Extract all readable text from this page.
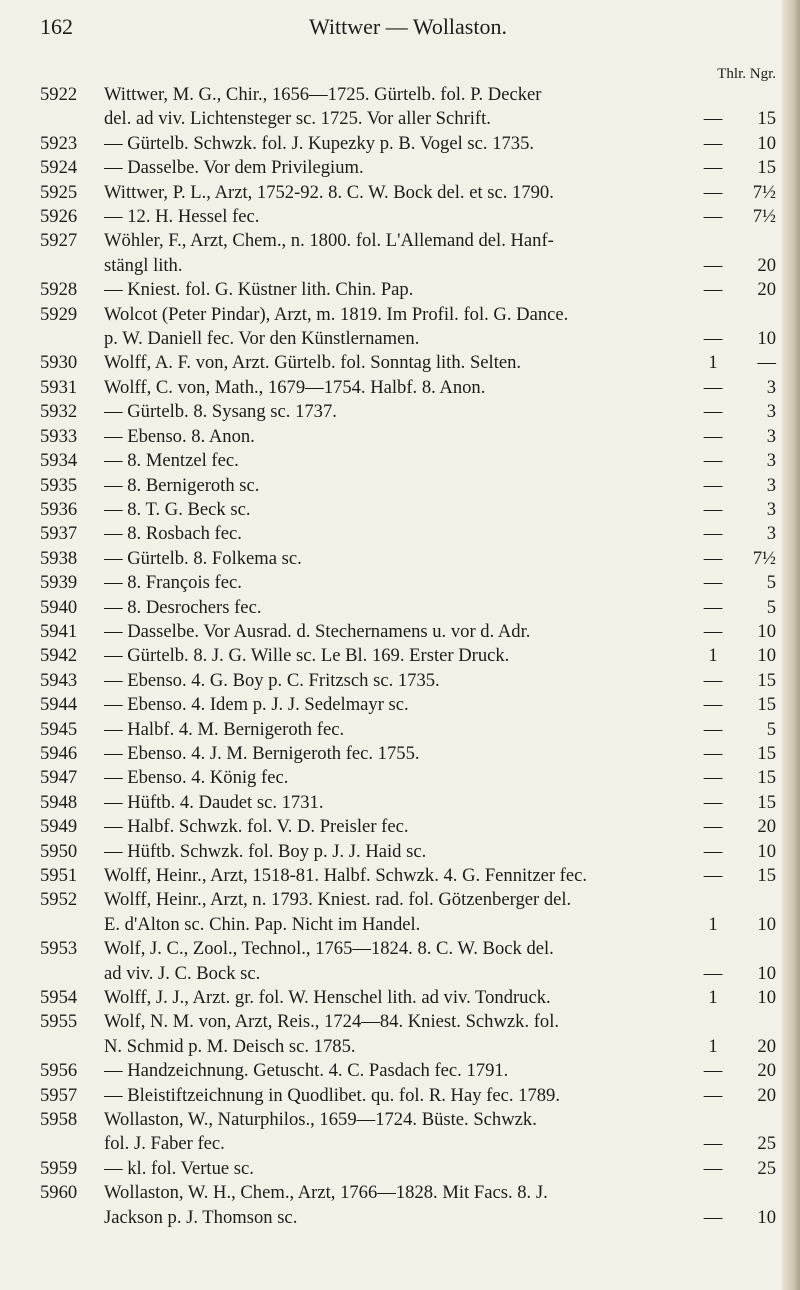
Wittwer — Wollaston.
162
Thlr. Ngr.
5922	Wittwer, M. G., Chir., 1656—1725. Gürtelb. fol. P. Decker
del. ad viv. Lichtensteger sc. 1725. Vor aller Schrift.	—	15
5923	— Gürtelb. Schwzk. fol. J. Kupezky p. B. Vogel sc. 1735.	—	10
5924	— Dasselbe. Vor dem Privilegium.	—	15
5925	Wittwer, P. L., Arzt, 1752-92. 8. C. W. Bock del. et sc. 1790.	—	7½
5926	— 12. H. Hessel fec.	—	7½
5927	Wöhler, F., Arzt, Chem., n. 1800. fol. L'Allemand del. Hanf-
stängl lith.	—	20
5928	— Kniest. fol. G. Küstner lith. Chin. Pap.	—	20
5929	Wolcot (Peter Pindar), Arzt, m. 1819. Im Profil. fol. G. Dance.
p. W. Daniell fec. Vor den Künstlernamen.	—	10
5930	Wolff, A. F. von, Arzt. Gürtelb. fol. Sonntag lith. Selten.	1	—
5931	Wolff, C. von, Math., 1679—1754. Halbf. 8. Anon.	—	3
5932	— Gürtelb. 8. Sysang sc. 1737.	—	3
5933	— Ebenso. 8. Anon.	—	3
5934	— 8. Mentzel fec.	—	3
5935	— 8. Bernigeroth sc.	—	3
5936	— 8. T. G. Beck sc.	—	3
5937	— 8. Rosbach fec.	—	3
5938	— Gürtelb. 8. Folkema sc.	—	7½
5939	— 8. François fec.	—	5
5940	— 8. Desrochers fec.	—	5
5941	— Dasselbe. Vor Ausrad. d. Stechernamens u. vor d. Adr.	—	10
5942	— Gürtelb. 8. J. G. Wille sc. Le Bl. 169. Erster Druck.	1	10
5943	— Ebenso. 4. G. Boy p. C. Fritzsch sc. 1735.	—	15
5944	— Ebenso. 4. Idem p. J. J. Sedelmayr sc.	—	15
5945	— Halbf. 4. M. Bernigeroth fec.	—	5
5946	— Ebenso. 4. J. M. Bernigeroth fec. 1755.	—	15
5947	— Ebenso. 4. König fec.	—	15
5948	— Hüftb. 4. Daudet sc. 1731.	—	15
5949	— Halbf. Schwzk. fol. V. D. Preisler fec.	—	20
5950	— Hüftb. Schwzk. fol. Boy p. J. J. Haid sc.	—	10
5951	Wolff, Heinr., Arzt, 1518-81. Halbf. Schwzk. 4. G. Fennitzer fec.	—	15
5952	Wolff, Heinr., Arzt, n. 1793. Kniest. rad. fol. Götzenberger del.
E. d'Alton sc. Chin. Pap. Nicht im Handel.	1	10
5953	Wolf, J. C., Zool., Technol., 1765—1824. 8. C. W. Bock del.
ad viv. J. C. Bock sc.	—	10
5954	Wolff, J. J., Arzt. gr. fol. W. Henschel lith. ad viv. Tondruck.	1	10
5955	Wolf, N. M. von, Arzt, Reis., 1724—84. Kniest. Schwzk. fol.
N. Schmid p. M. Deisch sc. 1785.	1	20
5956	— Handzeichnung. Getuscht. 4. C. Pasdach fec. 1791.	—	20
5957	— Bleistiftzeichnung in Quodlibet. qu. fol. R. Hay fec. 1789.	—	20
5958	Wollaston, W., Naturphilos., 1659—1724. Büste. Schwzk.
fol. J. Faber fec.	—	25
5959	— kl. fol. Vertue sc.	—	25
5960	Wollaston, W. H., Chem., Arzt, 1766—1828. Mit Facs. 8. J.
Jackson p. J. Thomson sc.	—	10
